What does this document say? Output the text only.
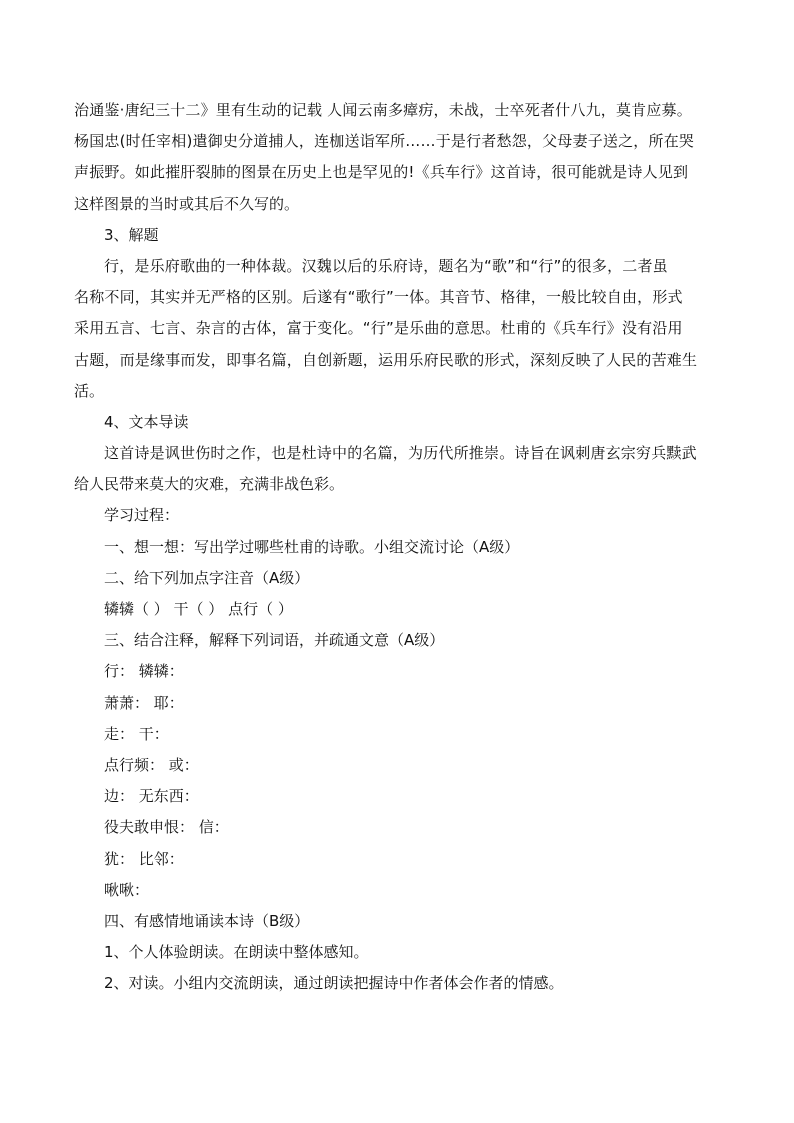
治通鉴·唐纪三十二》里有生动的记载 人闻云南多瘴疠，未战，士卒死者什八九，莫肯应募。
杨国忠(时任宰相)遣御史分道捕人，连枷送诣军所……于是行者愁怨，父母妻子送之，所在哭
声振野。如此摧肝裂肺的图景在历史上也是罕见的!《兵车行》这首诗，很可能就是诗人见到
这样图景的当时或其后不久写的。
3、解题
行，是乐府歌曲的一种体裁。汉魏以后的乐府诗，题名为“歌”和“行”的很多，二者虽
名称不同，其实并无严格的区别。后遂有“歌行”一体。其音节、格律，一般比较自由，形式
采用五言、七言、杂言的古体，富于变化。“行”是乐曲的意思。杜甫的《兵车行》没有沿用
古题，而是缘事而发，即事名篇，自创新题，运用乐府民歌的形式，深刻反映了人民的苦难生
活。
4、文本导读
这首诗是讽世伤时之作，也是杜诗中的名篇，为历代所推崇。诗旨在讽刺唐玄宗穷兵黩武
给人民带来莫大的灾难，充满非战色彩。
学习过程：
一、想一想：写出学过哪些杜甫的诗歌。小组交流讨论（A级）
二、给下列加点字注音（A级）
辚辚（ ） 干（ ） 点行（ ）
三、结合注释，解释下列词语，并疏通文意（A级）
行： 辚辚：
萧萧： 耶：
走： 干：
点行频： 或：
边： 无东西：
役夫敢申恨： 信：
犹： 比邻：
啾啾：
四、有感情地诵读本诗（B级）
1、个人体验朗读。在朗读中整体感知。
2、对读。小组内交流朗读，通过朗读把握诗中作者体会作者的情感。
